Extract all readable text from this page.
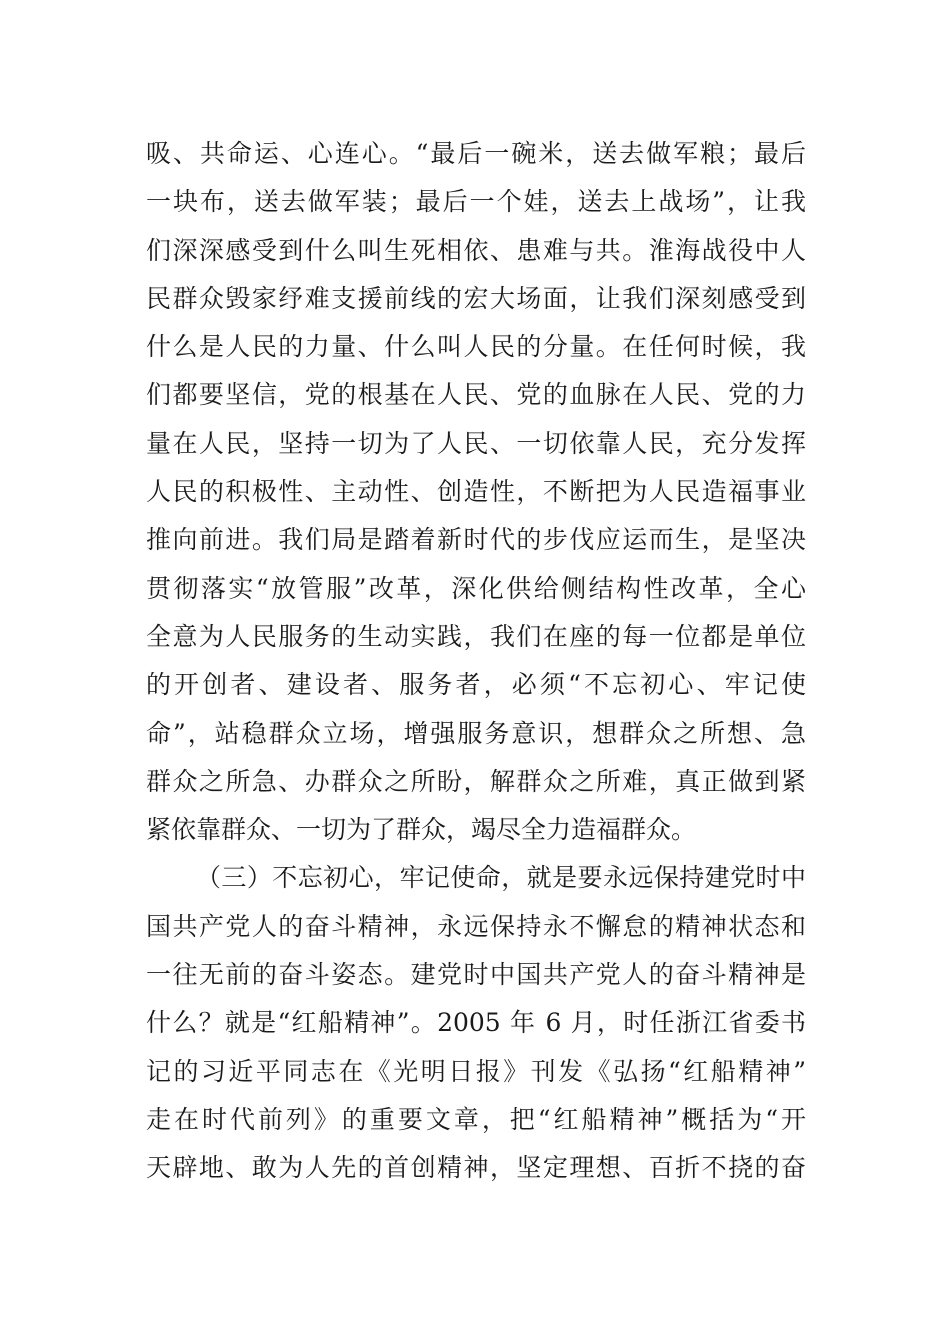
吸、共命运、心连心。“最后一碗米，送去做军粮；最后
一块布，送去做军装；最后一个娃，送去上战场”，让我
们深深感受到什么叫生死相依、患难与共。淮海战役中人
民群众毁家纾难支援前线的宏大场面，让我们深刻感受到
什么是人民的力量、什么叫人民的分量。在任何时候，我
们都要坚信，党的根基在人民、党的血脉在人民、党的力
量在人民，坚持一切为了人民、一切依靠人民，充分发挥
人民的积极性、主动性、创造性，不断把为人民造福事业
推向前进。我们局是踏着新时代的步伐应运而生，是坚决
贯彻落实“放管服”改革，深化供给侧结构性改革，全心
全意为人民服务的生动实践，我们在座的每一位都是单位
的开创者、建设者、服务者，必须“不忘初心、牢记使
命”，站稳群众立场，增强服务意识，想群众之所想、急
群众之所急、办群众之所盼，解群众之所难，真正做到紧
紧依靠群众、一切为了群众，竭尽全力造福群众。
（三）不忘初心，牢记使命，就是要永远保持建党时中
国共产党人的奋斗精神，永远保持永不懈怠的精神状态和
一往无前的奋斗姿态。建党时中国共产党人的奋斗精神是
什么？就是“红船精神”。2005 年 6 月，时任浙江省委书
记的习近平同志在《光明日报》刊发《弘扬“红船精神”
走在时代前列》的重要文章，把“红船精神”概括为“开
天辟地、敢为人先的首创精神，坚定理想、百折不挠的奋
